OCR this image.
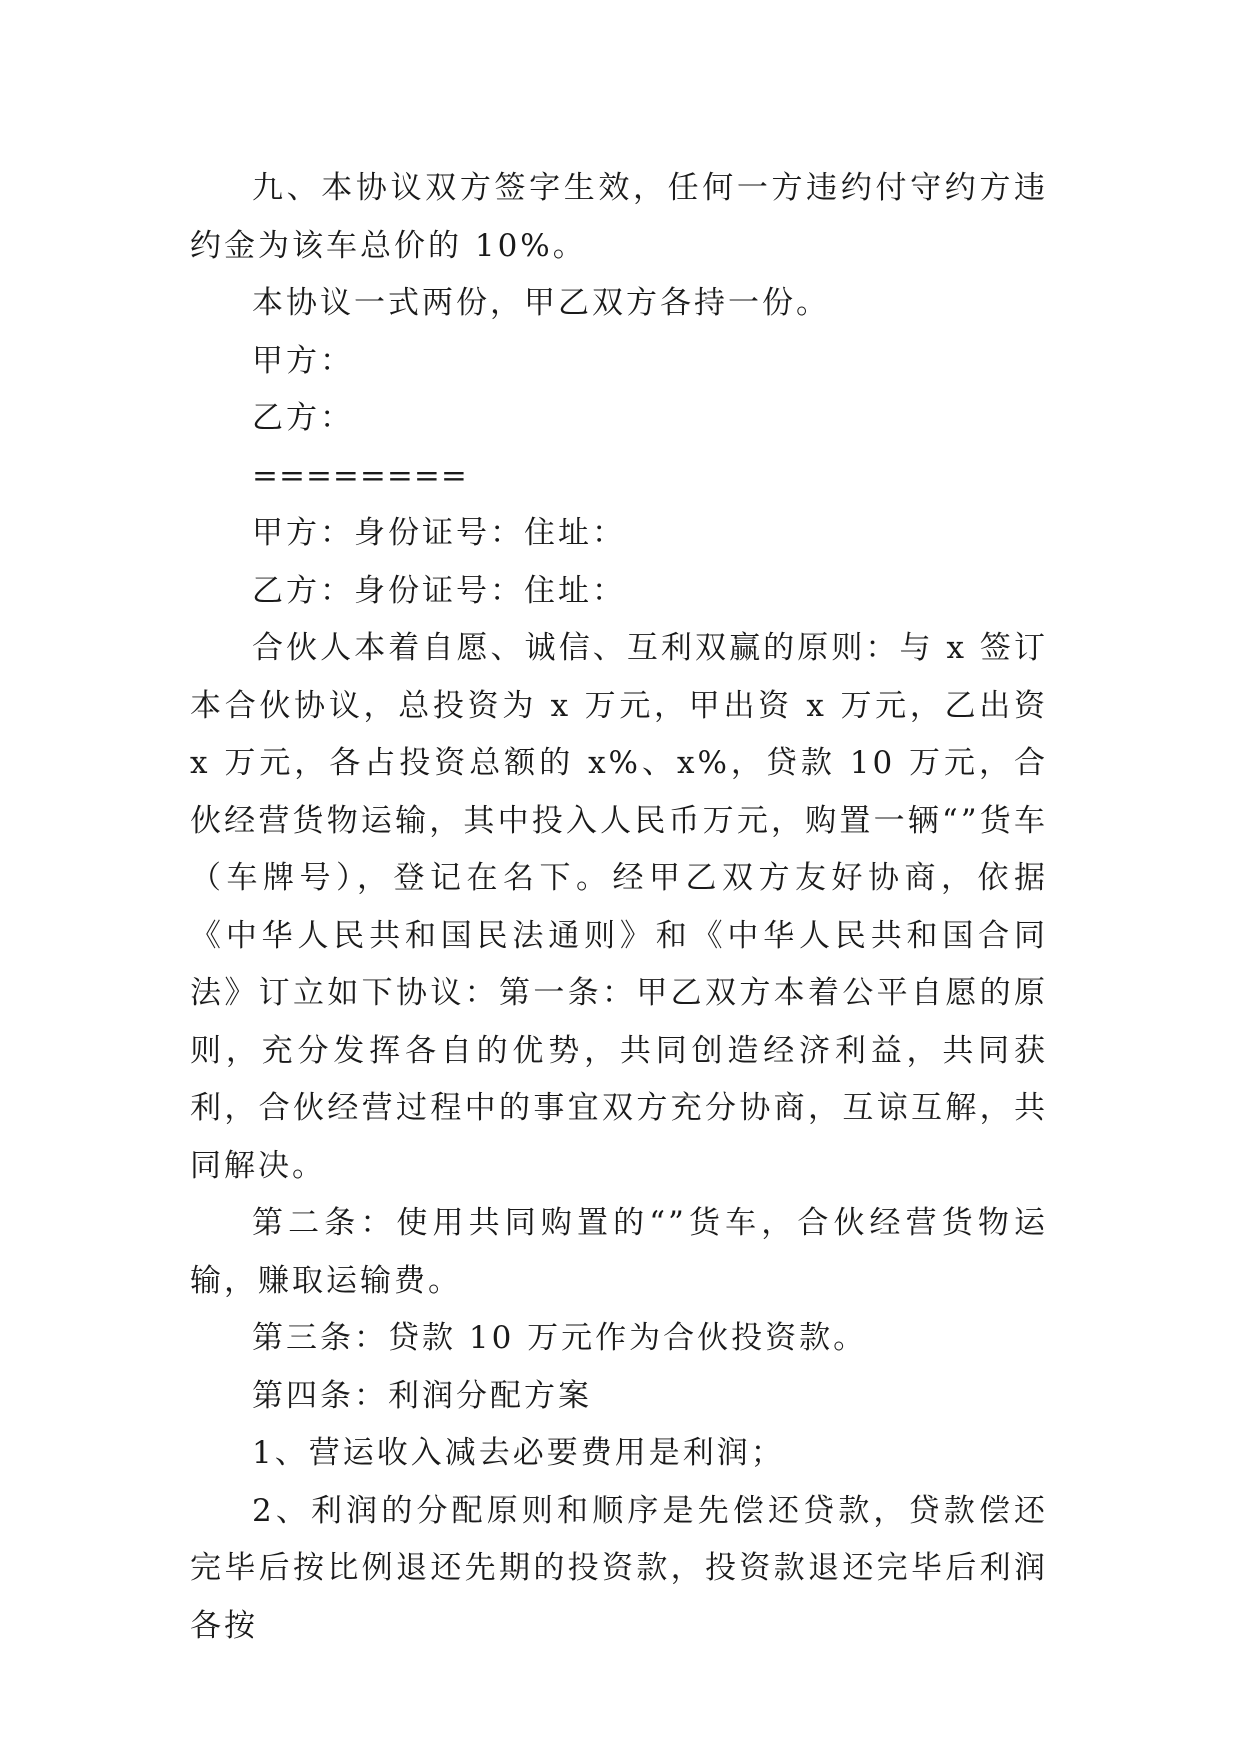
九、本协议双方签字生效，任何一方违约付守约方违约金为该车总价的 10%。

本协议一式两份，甲乙双方各持一份。

甲方：

乙方：

========

甲方：身份证号：住址：

乙方：身份证号：住址：

合伙人本着自愿、诚信、互利双赢的原则：与 x 签订本合伙协议，总投资为 x 万元，甲出资 x 万元，乙出资 x 万元，各占投资总额的 x%、x%，贷款 10 万元，合伙经营货物运输，其中投入人民币万元，购置一辆“”货车（车牌号），登记在名下。经甲乙双方友好协商，依据《中华人民共和国民法通则》和《中华人民共和国合同法》订立如下协议：第一条：甲乙双方本着公平自愿的原则，充分发挥各自的优势，共同创造经济利益，共同获利，合伙经营过程中的事宜双方充分协商，互谅互解，共同解决。

第二条：使用共同购置的“”货车，合伙经营货物运输，赚取运输费。

第三条：贷款 10 万元作为合伙投资款。

第四条：利润分配方案

1、营运收入减去必要费用是利润；

2、利润的分配原则和顺序是先偿还贷款，贷款偿还完毕后按比例退还先期的投资款，投资款退还完毕后利润各按
